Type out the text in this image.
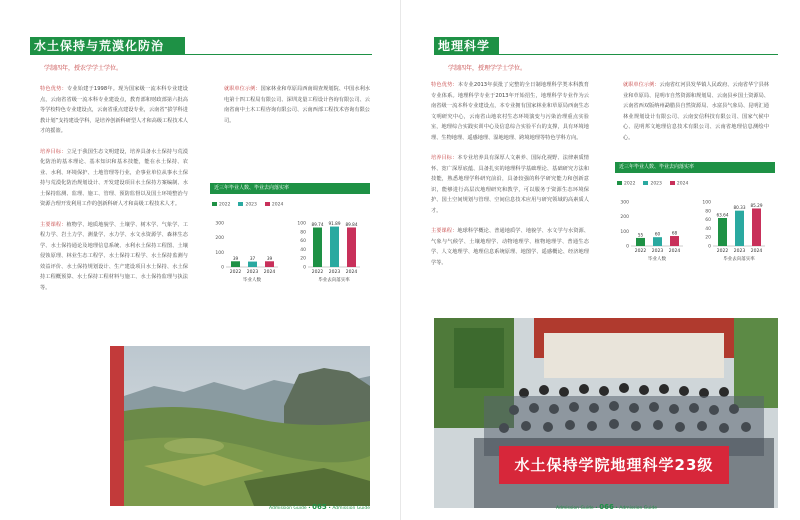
水土保持与荒漠化防治
学制四年，授农学学士学位。

特色优势：专业始建于1998年。现为国家级一流本科专业建设点，云南省省级一流本科专业建设点，教育部和财政部第六批高等学校特色专业建设点，云南省重点建设专业，云南省“拔学科进教计划”支持建设学科，是培养创新科研型人才和高级工程技术人才的摇篮。

培养目标：立足于我国生态文明建设，培养具备水土保持与荒漠化防治的基本理论、基本知识和基本技能，能在水土保持、农业、水利、环境保护、土地管理等行业，企事业单位从事水土保持与荒漠化防治规划设计、开发建设项目水土保持方案编制、水土保持监测、监理、施工、管理、预防监督以及国土环境整治与资源合理开发利用工作的创新科研人才和高级工程技术人才。

主要课程：植物学、地质地貌学、土壤学、树木学、气象学、工程力学、岩土力学、测量学、水力学、水文水资源学、森林生态学、水土保持通论及地理信息系统、水利水土保持工程图、土壤侵蚀原理、林业生态工程学、水土保持工程学、水土保持监测与效益评价、水土保持规划设计、生产建设项目水土保持、水土保持工程概预算、水土保持工程材料与施工、水土保持监理与执法等。

就职单位示例：国家林业和草原局西南调查规划院、中国水利水电第十四工程局有限公司、深圳龙量工程设计咨询有限公司、云南省南中土木工程咨询有限公司、云南西部工程技术咨询有限公司。

近三年毕业人数、毕业去向落实率
2022	2023	2024
300
200
100
0
39
2022
37
2023
39
2024
毕业人数
100
80
60
40
20
0
89.74
2022
91.89
2023
89.84
2024
毕业去向落实率
Admission Guide • 065 • Admission Guide
地理科学
学制四年，授理学学士学位。

特色优势：本专业2013年获批了完整的全日制地理科学类本科教育专业体系。地理科学专业于2013年开始招生，地理科学专业作为云南省级一流本科专业建设点，本专业拥有国家林业和草原局西南生态文明研究中心，云南省山地农村生态环境演变与污染治理重点实验室，地理综合实践实训中心及信息综合实验平台的支撑，具有环境地理、生物地理、遥感地理、湿地地理、跨境地理等特色学科方向。

培养目标：本专业培养具有深厚人文素养、国际化视野、法律素质情怀、宽广深厚底蕴、具备扎实的地理科学基础理论、基础研究方法和技能，熟悉地理学科研究前沿，具备较强的科学研究能力和创新意识，能够进行高层次地理研究和教学，可以服务于资源生态环境保护、国土空间规划与管理、空间信息技术应用与研究领域的高素质人才。

主要课程：地球科学概论、普通地质学、地貌学、水文学与水资源、气象与气候学、土壤地理学、动物地理学、植物地理学、普通生态学、人文地理学、地理信息系统原理、地图学、遥感概论、经济地理学等。

就职单位示例：云南省红河县发华镇人民政府、云南省华宁县林业和草原局、昆明市自然资源和规划局、云南县乡国土资源局、云南省西双版纳州勐腊县自然资源局、水富县气象局、昆明汇通林业规划设计有限公司、云南安信科技有限公司、国家气候中心、昆明邦文地理信息技术有限公司、云南省地理信息测绘中心。

近三年毕业人数、毕业去向落实率
2022	2023	2024
300
200
100
0
55
2022
60
2023
68
2024
毕业人数
100
80
60
40
20
0
63.64
2022
80.33
2023
85.29
2024
毕业去向落实率
水土保持学院地理科学23级
Admission Guide • 066 • Admission Guide
